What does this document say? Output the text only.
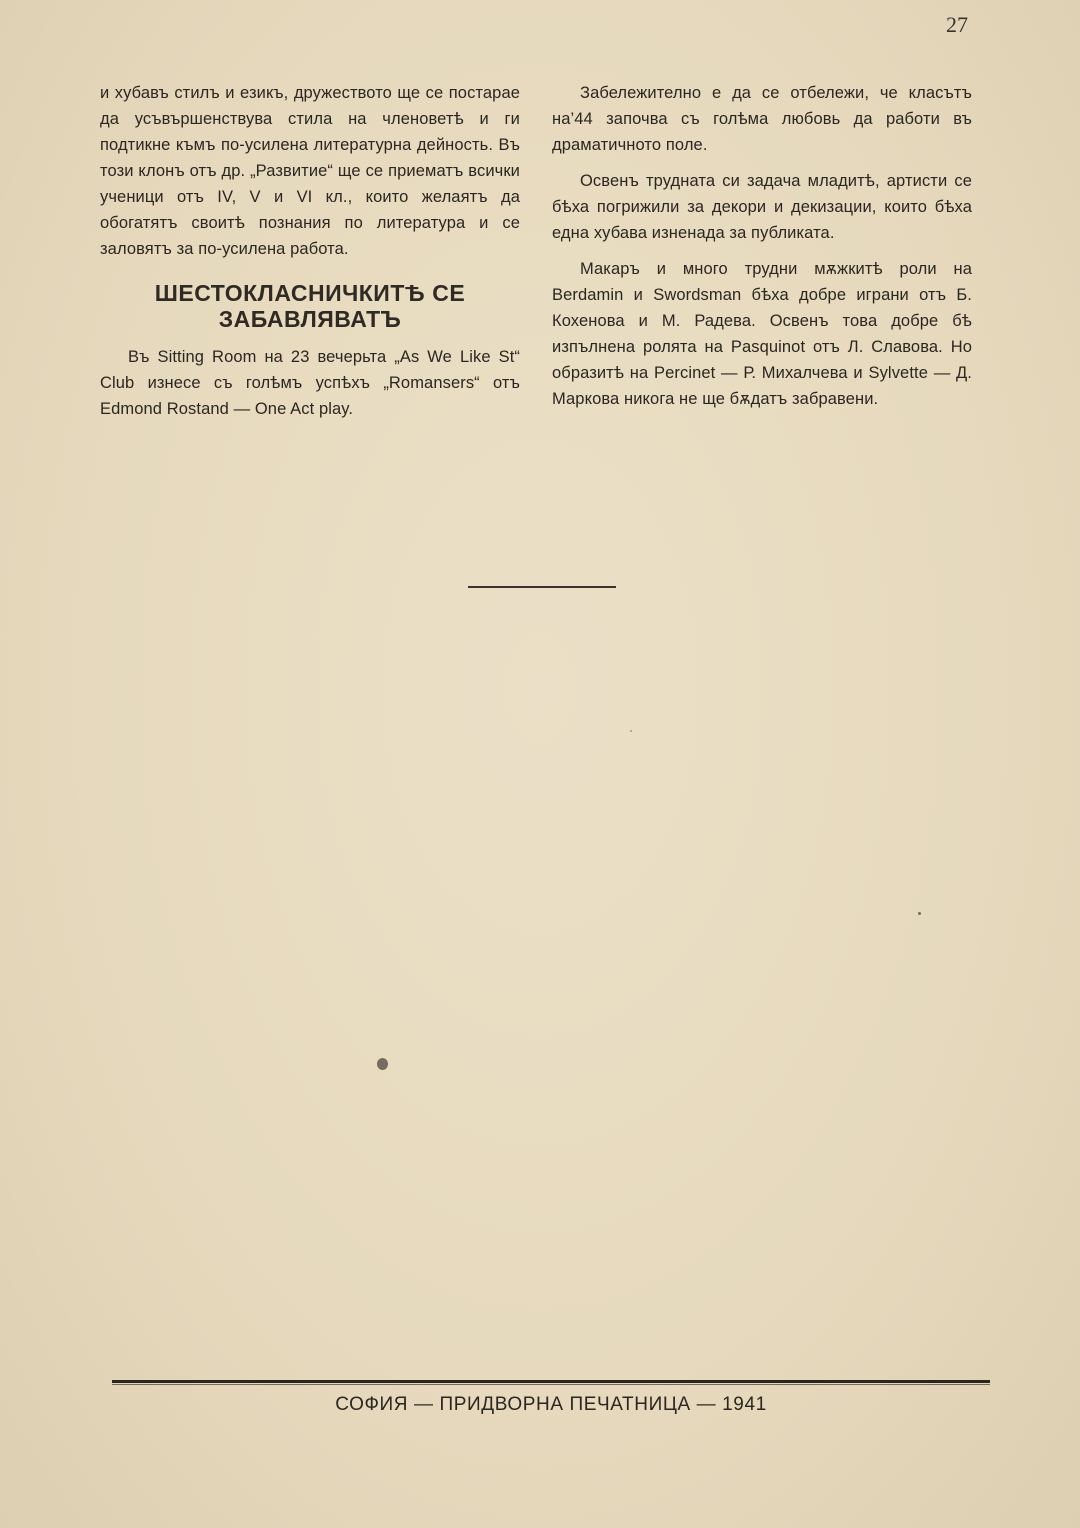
27

и хубавъ стилъ и езикъ, дружеството ще се постарае да усъвършенствува стила на членоветѣ и ги подтикне къмъ по-усилена литературна дейность. Въ този клонъ отъ др. „Развитие“ ще се приематъ всички ученици отъ IV, V и VI кл., които желаятъ да обогатятъ своитѣ познания по литература и се заловятъ за по-усилена работа.

ШЕСТОКЛАСНИЧКИТѢ СЕ ЗАБАВЛЯВАТЪ

Въ Sitting Room на 23 вечерьта „As We Like St“ Club изнесе съ голѣмъ успѣхъ „Romansers“ отъ Edmond Rostand — One Act play.

Забележително е да се отбележи, че класътъ на’44 започва съ голѣма любовь да работи въ драматичното поле.

Освенъ трудната си задача младитѣ, артисти се бѣха погрижили за декори и декизации, които бѣха една хубава изненада за публиката.

Макаръ и много трудни мѫжкитѣ роли на Berdamin и Swordsman бѣха добре играни отъ Б. Кохенова и М. Радева. Освенъ това добре бѣ изпълнена ролята на Pasquinot отъ Л. Славова. Но образитѣ на Percinet — Р. Михалчева и Sylvette — Д. Маркова никога не ще бѫдатъ забравени.

СОФИЯ — ПРИДВОРНА ПЕЧАТНИЦА — 1941
